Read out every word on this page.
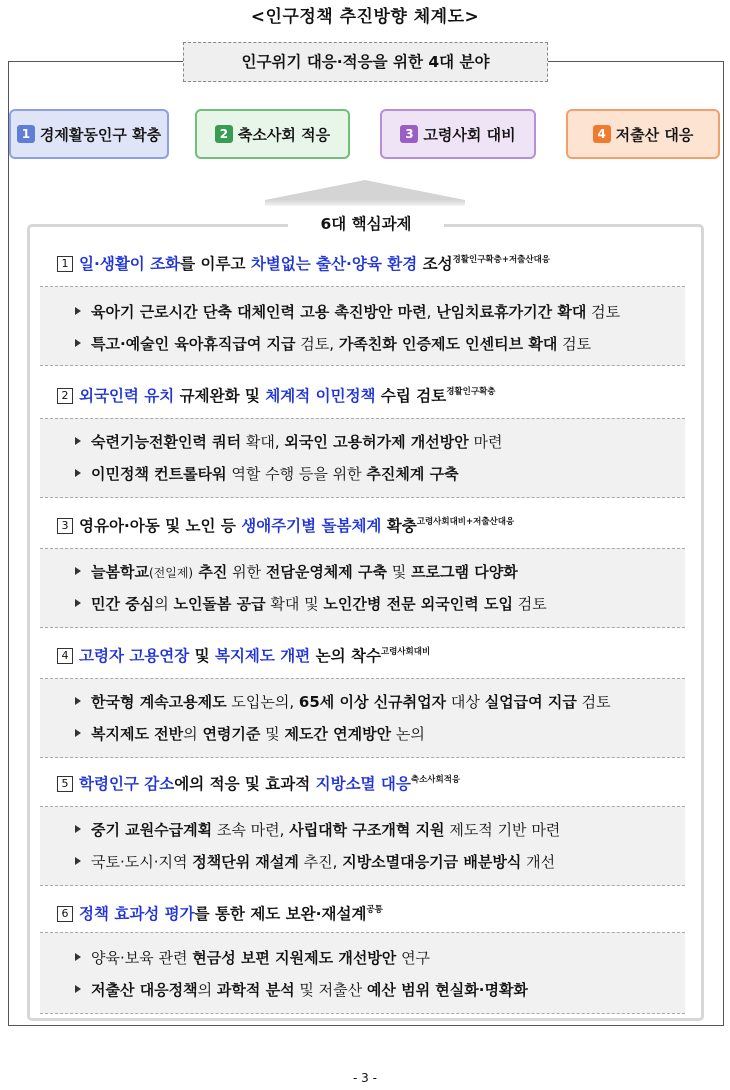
<인구정책 추진방향 체계도>
인구위기 대응·적응을 위한 4대 분야
1 경제활동인구 확충	2 축소사회 적응	3 고령사회 대비	4 저출산 대응
6대 핵심과제
1 일·생활이 조화를 이루고 차별없는 출산·양육 환경 조성$^{경활인구확충+저출산대응}$
육아기 근로시간 단축 대체인력 고용 촉진방안 마련, 난임치료휴가기간 확대 검토
특고·예술인 육아휴직급여 지급 검토, 가족친화 인증제도 인센티브 확대 검토
2 외국인력 유치 규제완화 및 체계적 이민정책 수립 검토$^{경활인구확충}$
숙련기능전환인력 쿼터 확대, 외국인 고용허가제 개선방안 마련
이민정책 컨트롤타워 역할 수행 등을 위한 추진체계 구축
3 영유아·아동 및 노인 등 생애주기별 돌봄체계 확충$^{고령사회대비+저출산대응}$
늘봄학교(전일제) 추진 위한 전담운영체제 구축 및 프로그램 다양화
민간 중심의 노인돌봄 공급 확대 및 노인간병 전문 외국인력 도입 검토
4 고령자 고용연장 및 복지제도 개편 논의 착수$^{고령사회대비}$
한국형 계속고용제도 도입논의, 65세 이상 신규취업자 대상 실업급여 지급 검토
복지제도 전반의 연령기준 및 제도간 연계방안 논의
5 학령인구 감소에의 적응 및 효과적 지방소멸 대응$^{축소사회적응}$
중기 교원수급계획 조속 마련, 사립대학 구조개혁 지원 제도적 기반 마련
국토·도시·지역 정책단위 재설계 추진, 지방소멸대응기금 배분방식 개선
6 정책 효과성 평가를 통한 제도 보완·재설계$^{공통}$
양육·보육 관련 현금성 보편 지원제도 개선방안 연구
저출산 대응정책의 과학적 분석 및 저출산 예산 범위 현실화·명확화
- 3 -
